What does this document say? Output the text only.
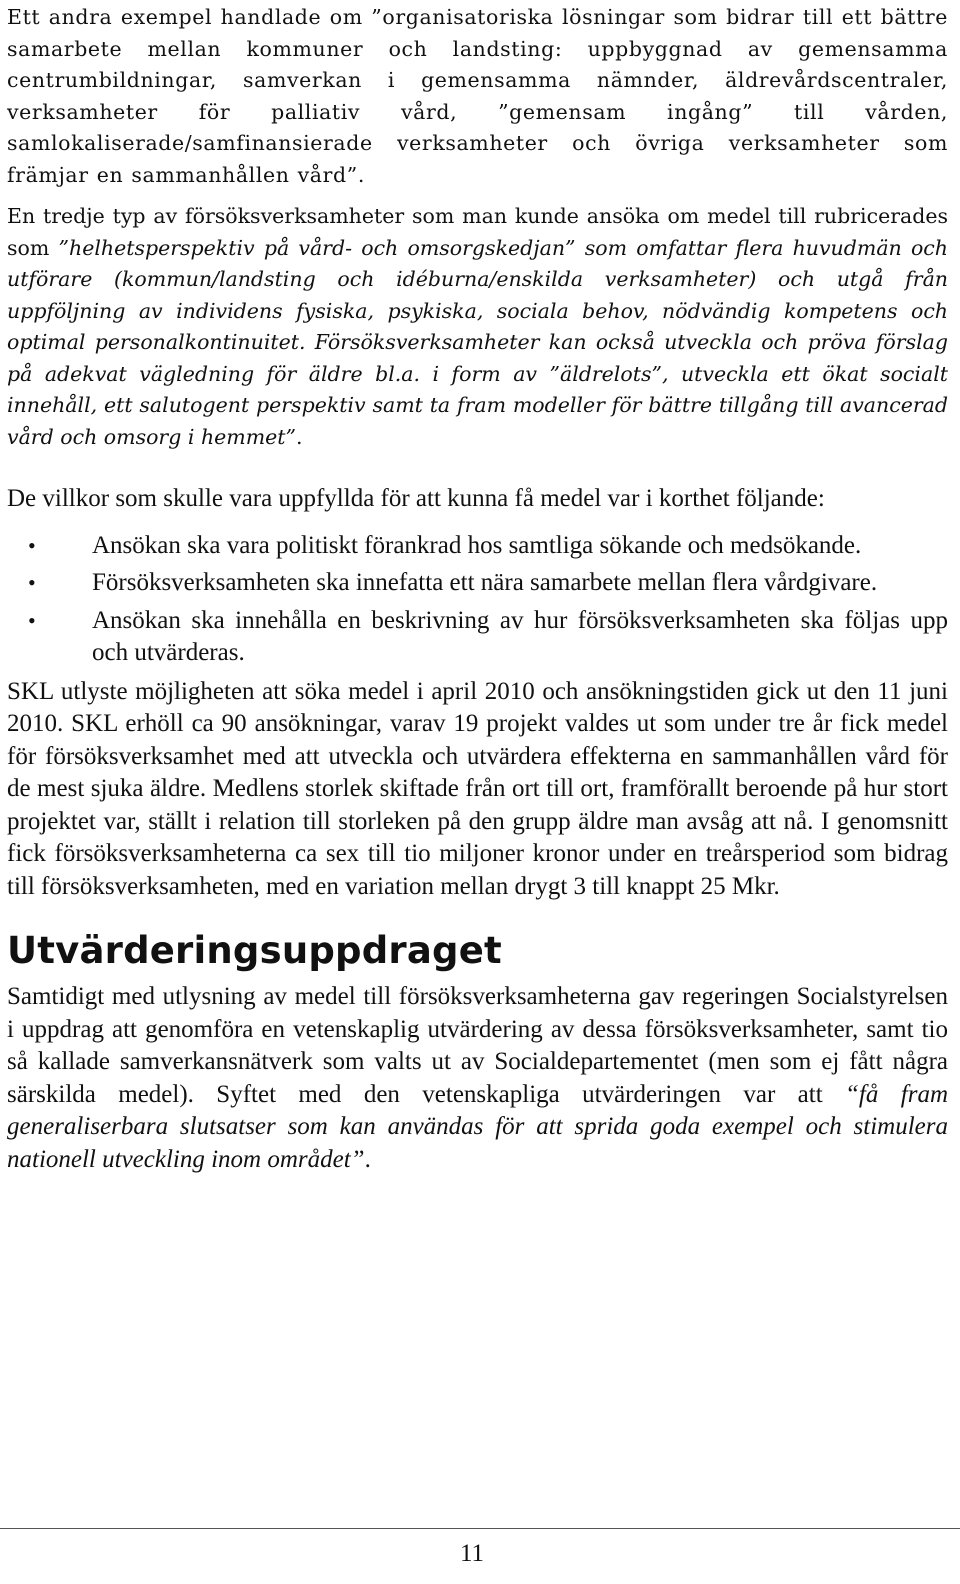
Ett andra exempel handlade om ”organisatoriska lösningar som bidrar till ett bättre samarbete mellan kommuner och landsting: uppbyggnad av gemensamma centrumbildningar, samverkan i gemensamma nämnder, äldrevårdscentraler, verksamheter för palliativ vård, ”gemensam ingång” till vården, samlokaliserade/samfinansierade verksamheter och övriga verksamheter som främjar en sammanhållen vård”.

En tredje typ av försöksverksamheter som man kunde ansöka om medel till rubricerades som ”helhetsperspektiv på vård- och omsorgskedjan” som omfattar flera huvudmän och utförare (kommun/landsting och idéburna/enskilda verksamheter) och utgå från uppföljning av individens fysiska, psykiska, sociala behov, nödvändig kompetens och optimal personalkontinuitet. Försöksverksamheter kan också utveckla och pröva förslag på adekvat vägledning för äldre bl.a. i form av ”äldrelots”, utveckla ett ökat socialt innehåll, ett salutogent perspektiv samt ta fram modeller för bättre tillgång till avancerad vård och omsorg i hemmet”.

De villkor som skulle vara uppfyllda för att kunna få medel var i korthet följande:

• Ansökan ska vara politiskt förankrad hos samtliga sökande och medsökande.
• Försöksverksamheten ska innefatta ett nära samarbete mellan flera vårdgivare.
• Ansökan ska innehålla en beskrivning av hur försöksverksamheten ska följas upp och utvärderas.

SKL utlyste möjligheten att söka medel i april 2010 och ansökningstiden gick ut den 11 juni 2010. SKL erhöll ca 90 ansökningar, varav 19 projekt valdes ut som under tre år fick medel för försöksverksamhet med att utveckla och utvärdera effekterna en sammanhållen vård för de mest sjuka äldre. Medlens storlek skiftade från ort till ort, framförallt beroende på hur stort projektet var, ställt i relation till storleken på den grupp äldre man avsåg att nå. I genomsnitt fick försöksverksamheterna ca sex till tio miljoner kronor under en treårsperiod som bidrag till försöksverksamheten, med en variation mellan drygt 3 till knappt 25 Mkr.

Utvärderingsuppdraget

Samtidigt med utlysning av medel till försöksverksamheterna gav regeringen Socialstyrelsen i uppdrag att genomföra en vetenskaplig utvärdering av dessa försöksverksamheter, samt tio så kallade samverkansnätverk som valts ut av Socialdepartementet (men som ej fått några särskilda medel). Syftet med den vetenskapliga utvärderingen var att “få fram generaliserbara slutsatser som kan användas för att sprida goda exempel och stimulera nationell utveckling inom området”.

11
